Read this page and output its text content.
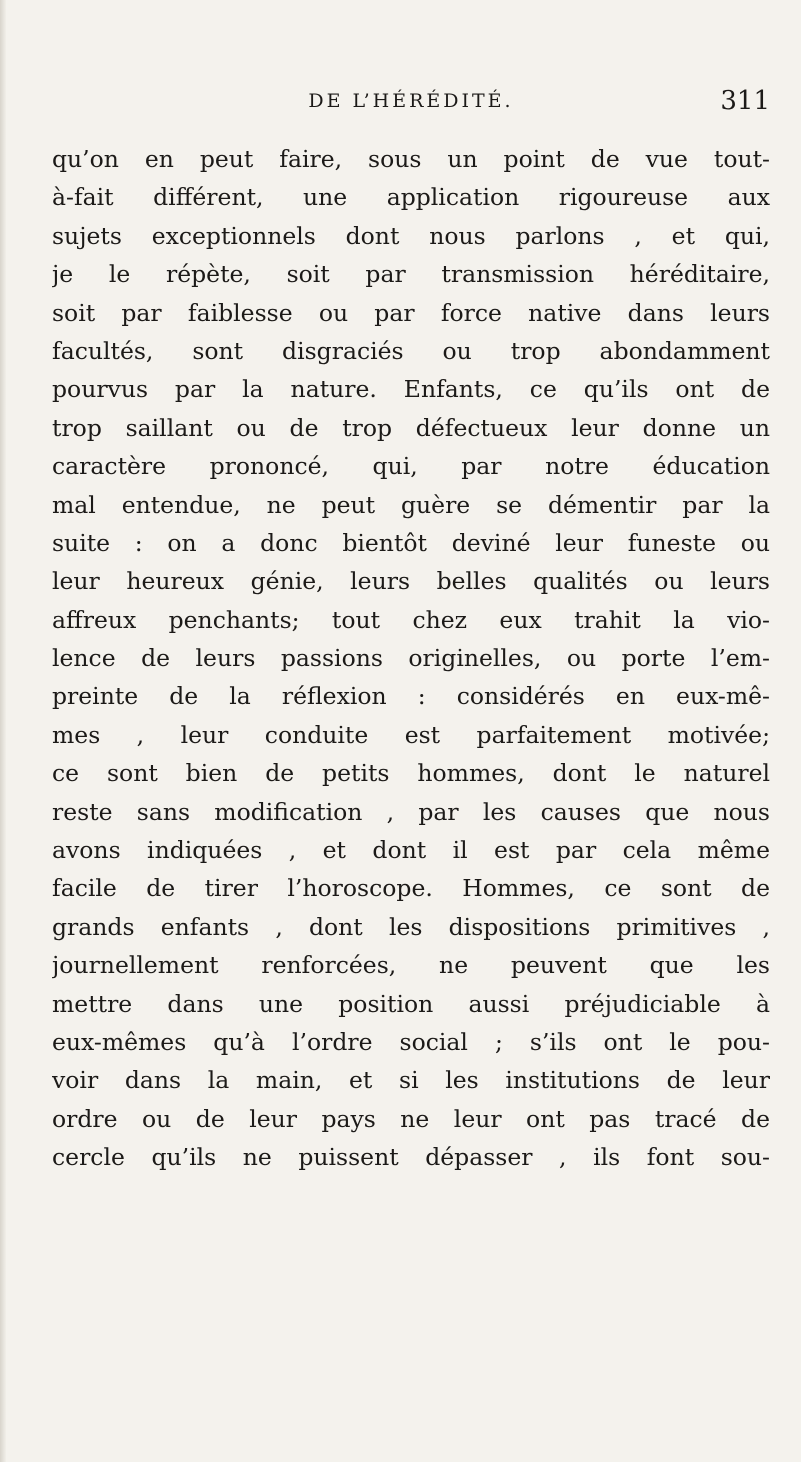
DE L’HÉRÉDITÉ.	311
qu’on en peut faire, sous un point de vue tout-
à-fait différent, une application rigoureuse aux
sujets exceptionnels dont nous parlons , et qui,
je le répète, soit par transmission héréditaire,
soit par faiblesse ou par force native dans leurs
facultés, sont disgraciés ou trop abondamment
pourvus par la nature. Enfants, ce qu’ils ont de
trop saillant ou de trop défectueux leur donne un
caractère prononcé, qui, par notre éducation
mal entendue, ne peut guère se démentir par la
suite : on a donc bientôt deviné leur funeste ou
leur heureux génie, leurs belles qualités ou leurs
affreux penchants; tout chez eux trahit la vio-
lence de leurs passions originelles, ou porte l’em-
preinte de la réflexion : considérés en eux-mê-
mes , leur conduite est parfaitement motivée;
ce sont bien de petits hommes, dont le naturel
reste sans modification , par les causes que nous
avons indiquées , et dont il est par cela même
facile de tirer l’horoscope. Hommes, ce sont de
grands enfants , dont les dispositions primitives ,
journellement renforcées, ne peuvent que les
mettre dans une position aussi préjudiciable à
eux-mêmes qu’à l’ordre social ; s’ils ont le pou-
voir dans la main, et si les institutions de leur
ordre ou de leur pays ne leur ont pas tracé de
cercle qu’ils ne puissent dépasser , ils font sou-
